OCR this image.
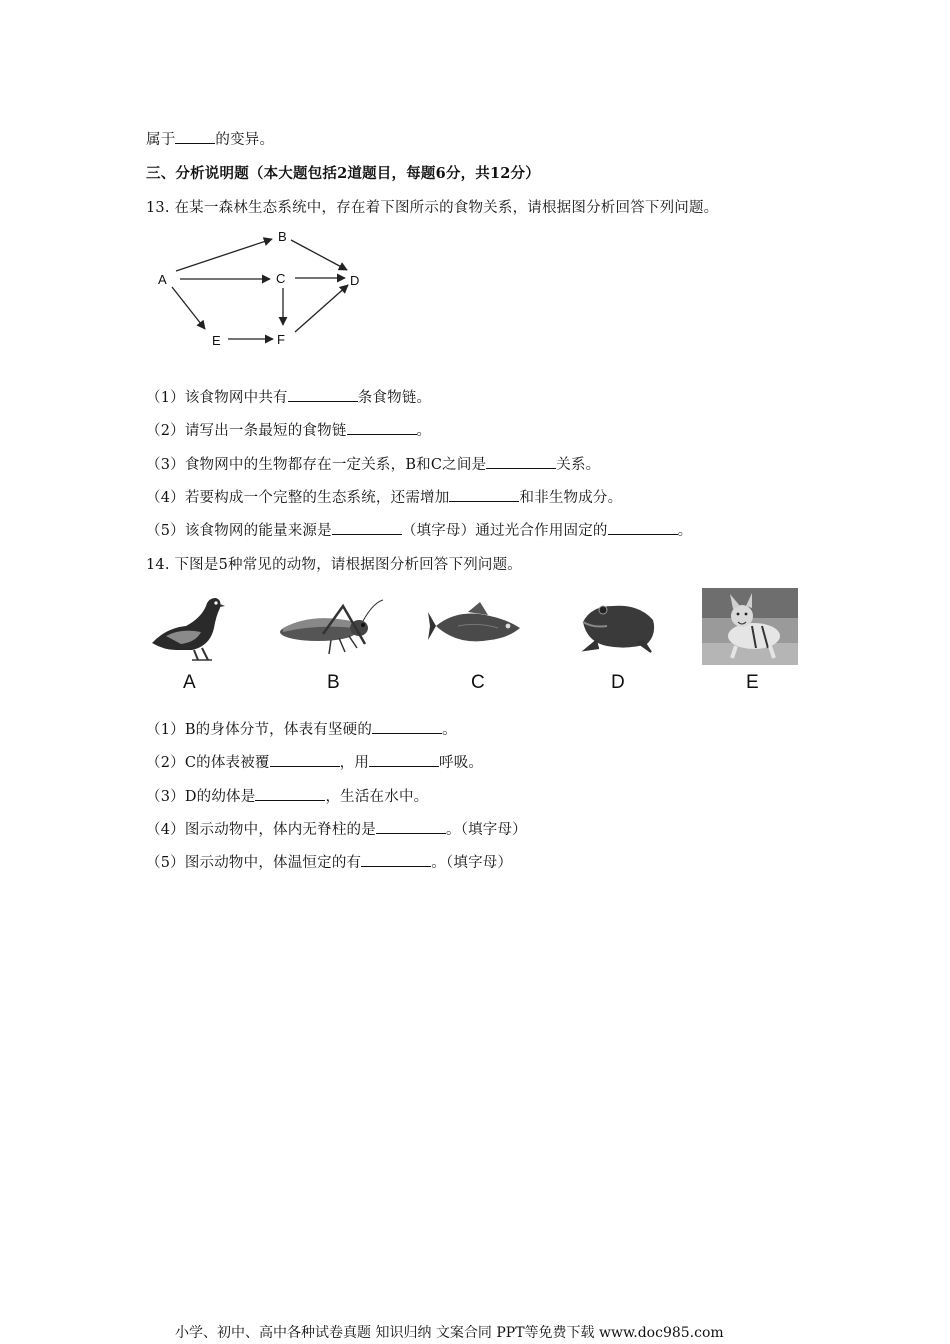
属于	的变异。
三、分析说明题（本大题包括2道题目，每题6分，共12分）
13. 在某一森林生态系统中，存在着下图所示的食物关系，请根据图分析回答下列问题。
A
B
C	D
E	F
（1）该食物网中共有	条食物链。
（2）请写出一条最短的食物链	。
（3）食物网中的生物都存在一定关系，B和C之间是	关系。
（4）若要构成一个完整的生态系统，还需增加	和非生物成分。
（5）该食物网的能量来源是	（填字母）通过光合作用固定的	。
14. 下图是5种常见的动物，请根据图分析回答下列问题。
A	B	C	D	E
（1）B的身体分节，体表有坚硬的	。
（2）C的体表被覆	，用	呼吸。
（3）D的幼体是	，生活在水中。
（4）图示动物中，体内无脊柱的是	。（填字母）
（5）图示动物中，体温恒定的有	。（填字母）
小学、初中、高中各种试卷真题 知识归纳 文案合同 PPT等免费下载 www.doc985.com
